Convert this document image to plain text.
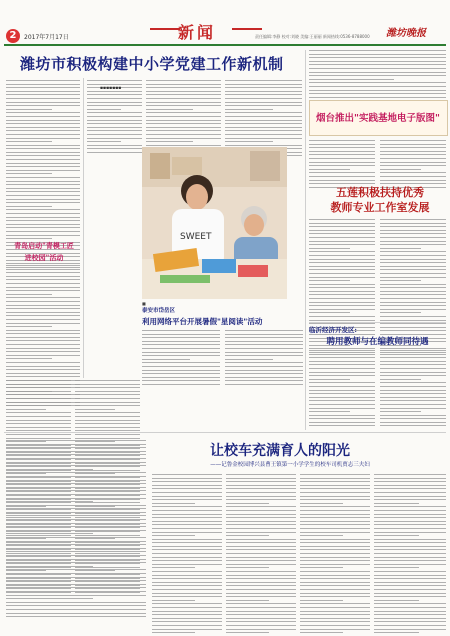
2	2017年7月17日	新闻	责任编辑:李静 校对:刘晓 美编:王丽丽 新闻热线:0536-8788000 潍坊晚报
潍坊市积极构建中小学党建工作新机制
▪▪▪▪▪▪▪
SWEET
■
烟台推出"实践基地电子版图"
五莲积极扶持优秀
教师专业工作室发展
临沂经济开发区:
聘用教师与在编教师同待遇
青岛启动"青模工匠
进校园"活动
泰安市岱岳区
利用网络平台开展暑假"星阅读"活动
让校车充满育人的阳光
——记鲁金校园博兴县曹王镇第一小学学生的校车司机贾志三夫妇
